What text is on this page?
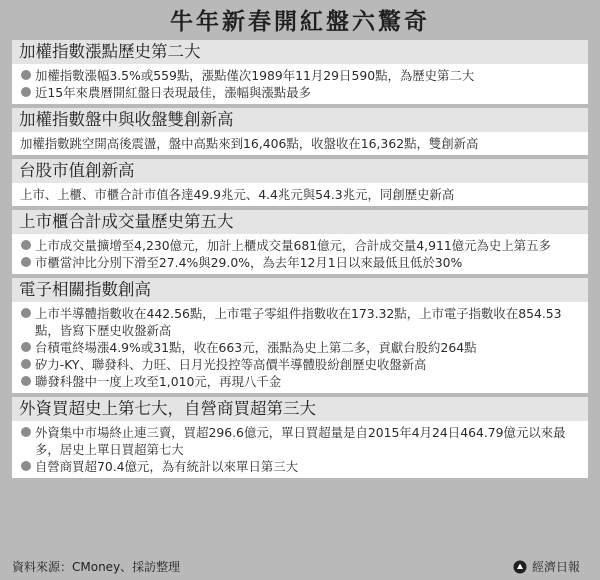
牛年新春開紅盤六驚奇
加權指數漲點歷史第二大
加權指數漲幅3.5%或559點，漲點僅次1989年11月29日590點，為歷史第二大
近15年來農曆開紅盤日表現最佳，漲幅與漲點最多
加權指數盤中與收盤雙創新高
加權指數跳空開高後震盪，盤中高點來到16,406點，收盤收在16,362點，雙創新高
台股市值創新高
上市、上櫃、市櫃合計市值各達49.9兆元、4.4兆元與54.3兆元，同創歷史新高
上市櫃合計成交量歷史第五大
上市成交量擴增至4,230億元，加計上櫃成交量681億元，合計成交量4,911億元為史上第五多
市櫃當沖比分別下滑至27.4%與29.0%，為去年12月1日以來最低且低於30%
電子相關指數創高
上市半導體指數收在442.56點，上市電子零組件指數收在173.32點，上市電子指數收在854.53點，皆寫下歷史收盤新高
台積電終場漲4.9%或31點，收在663元，漲點為史上第二多，貢獻台股約264點
矽力-KY、聯發科、力旺、日月光投控等高價半導體股紛創歷史收盤新高
聯發科盤中一度上攻至1,010元，再現八千金
外資買超史上第七大，自營商買超第三大
外資集中市場終止連三賣，買超296.6億元，單日買超量是自2015年4月24日464.79億元以來最多，居史上單日買超第七大
自營商買超70.4億元，為有統計以來單日第三大
資料來源：CMoney、採訪整理	經濟日報
